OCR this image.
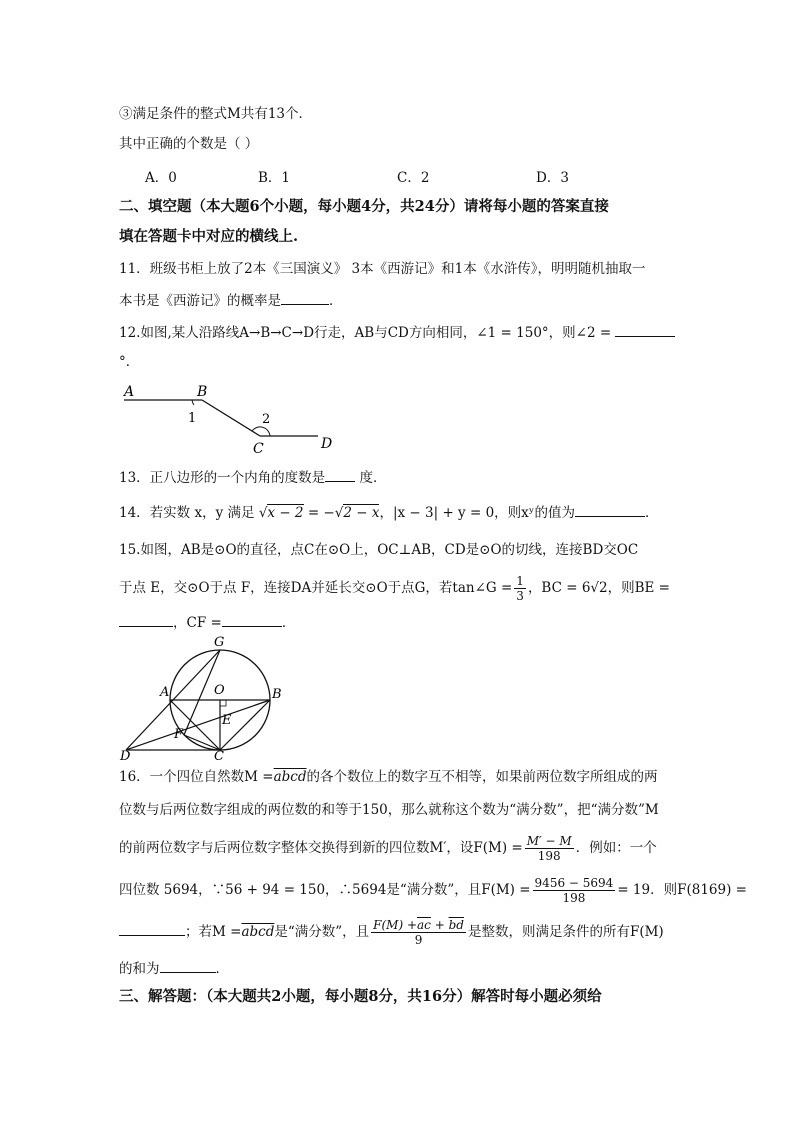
③满足条件的整式M共有13个．
其中正确的个数是（ ）
A．0	B．1	C．2	D．3
二、填空题（本大题6个小题，每小题4分，共24分）请将每小题的答案直接
填在答题卡中对应的横线上.
11．班级书柜上放了2本《三国演义》 3本《西游记》和1本《水浒传》，明明随机抽取一
本书是《西游记》的概率是	．
12.如图,某人沿路线A→B→C→D行走，AB与CD方向相同，∠1 = 150°，则∠2 =
°．
A	B
1	2
C	D
13．正八边形的一个内角的度数是	度．
14．若实数 x，y 满足 √x − 2 = −√2 − x，|x − 3| + y = 0，则xʸ的值为	．
15.如图，AB是⊙O的直径，点C在⊙O上，OC⊥AB，CD是⊙O的切线，连接BD交OC
于点 E，交⊙O于点 F，连接DA并延长交⊙O于点G，若tan∠G = $\frac{1}{3}$ ，BC = 6√2，则BE =
，CF =	．
G
A	O	B
E
F
D	C
16．一个四位自然数M =abcd的各个数位上的数字互不相等，如果前两位数字所组成的两
位数与后两位数字组成的两位数的和等于150，那么就称这个数为“满分数”，把“满分数”M
的前两位数字与后两位数字整体交换得到新的四位数M′，设$F(M) = \frac{M' - M}{198}$ ．例如：一个
四位数 5694，∵56 + 94 = 150，∴5694是“满分数”，且$F(M) = \frac{9456 - 5694}{198} = 19$．则F(8169) =
；若M =abcd是“满分数”，且 $\frac{F(M) +\overline{ac} + \overline{bd}}{9}$ 是整数，则满足条件的所有F(M)
的和为	．
三、解答题：（本大题共2小题，每小题8分，共16分）解答时每小题必须给
